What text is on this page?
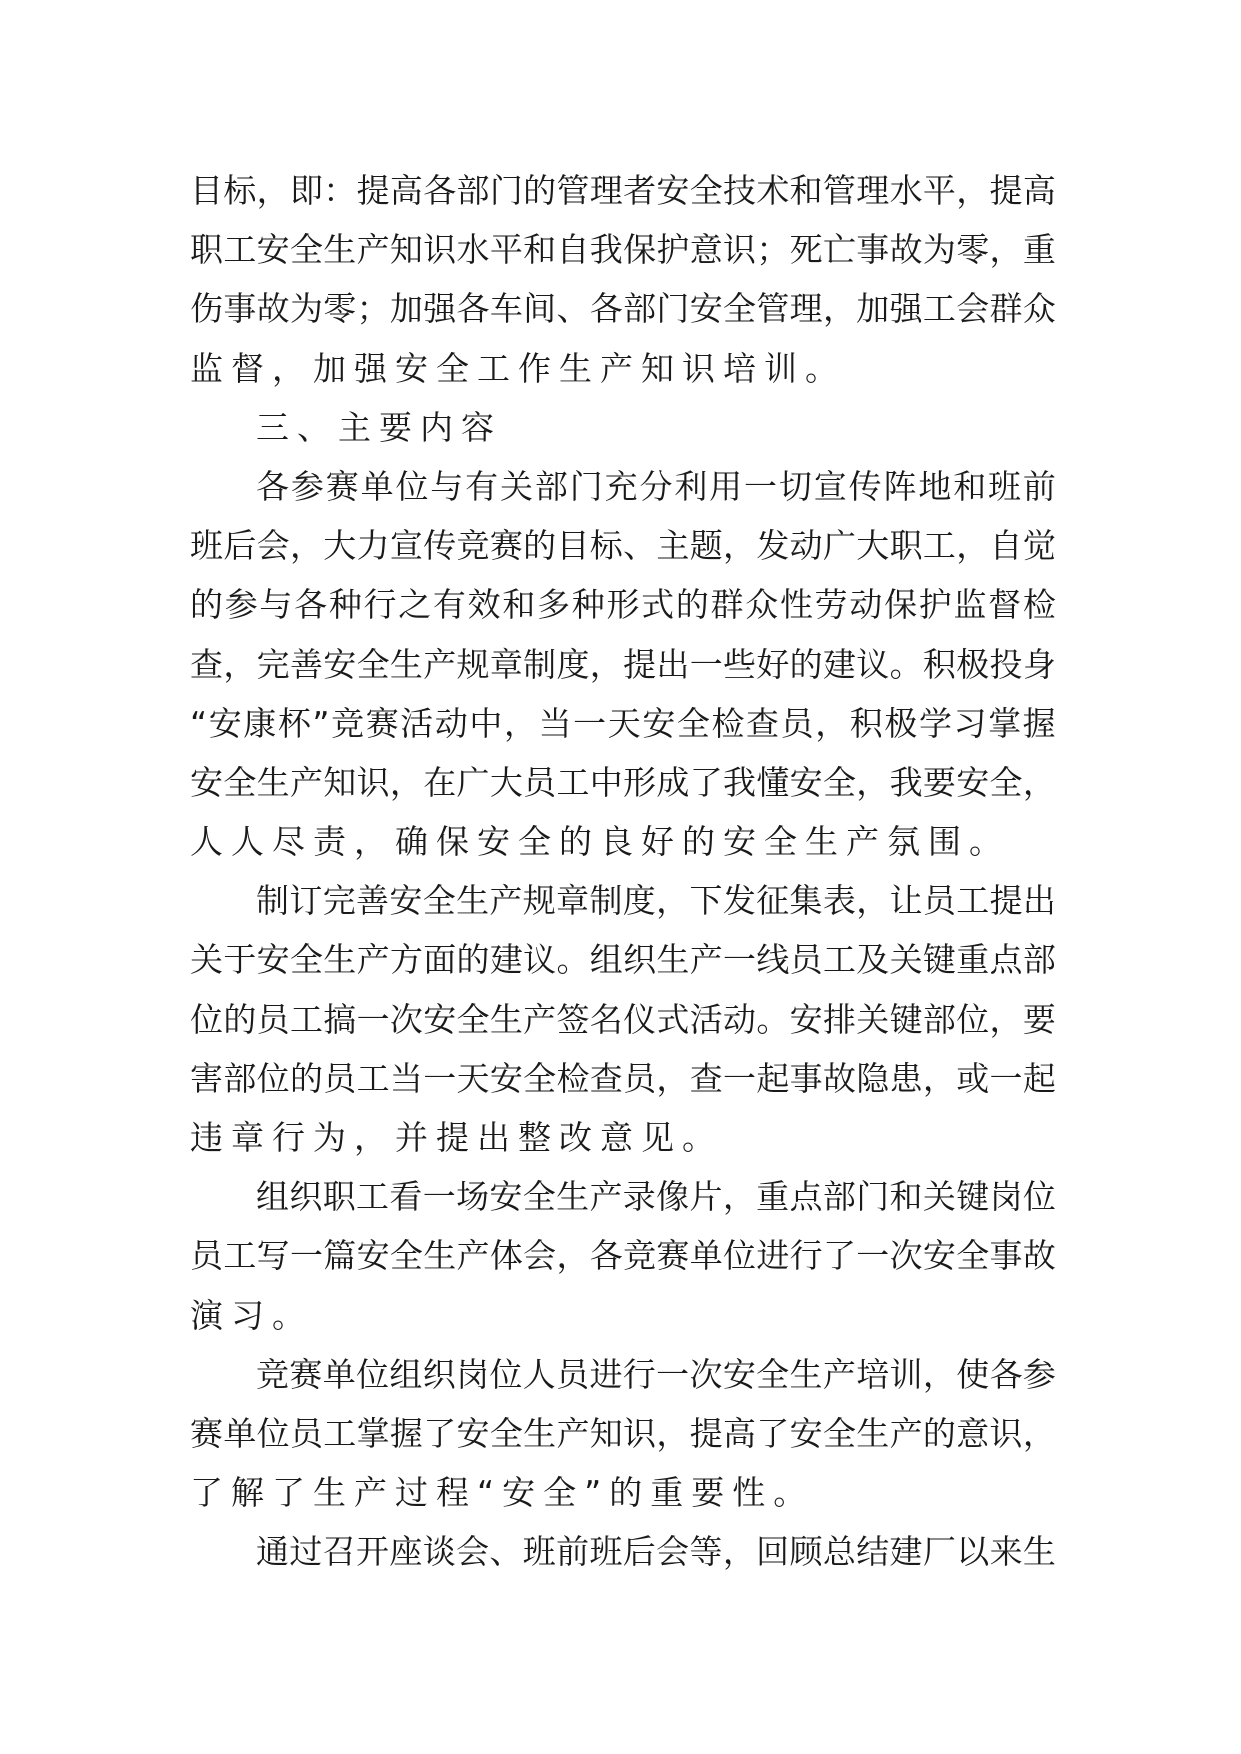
目 标 ， 即 ： 提 高 各 部 门 的 管 理 者 安 全 技 术 和 管 理 水 平 ， 提 高
职 工 安 全 生 产 知 识 水 平 和 自 我 保 护 意 识 ； 死 亡 事 故 为 零 ， 重
伤 事 故 为 零 ； 加 强 各 车 间 、 各 部 门 安 全 管 理 ， 加 强 工 会 群 众
监督，加强安全工作生产知识培训。
三、主要内容
各 参 赛 单 位 与 有 关 部 门 充 分 利 用 一 切 宣 传 阵 地 和 班 前
班 后 会 ， 大 力 宣 传 竞 赛 的 目 标 、 主 题 ， 发 动 广 大 职 工 ， 自 觉
的 参 与 各 种 行 之 有 效 和 多 种 形 式 的 群 众 性 劳 动 保 护 监 督 检
查 ， 完 善 安 全 生 产 规 章 制 度 ， 提 出 一 些 好 的 建 议 。 积 极 投 身
“ 安 康 杯 ” 竞 赛 活 动 中 ， 当 一 天 安 全 检 查 员 ， 积 极 学 习 掌 握
安 全 生 产 知 识 ， 在 广 大 员 工 中 形 成 了 我 懂 安 全 ， 我 要 安 全 ，
人人尽责，确保安全的良好的安全生产氛围。
制 订 完 善 安 全 生 产 规 章 制 度 ， 下 发 征 集 表 ， 让 员 工 提 出
关 于 安 全 生 产 方 面 的 建 议 。 组 织 生 产 一 线 员 工 及 关 键 重 点 部
位 的 员 工 搞 一 次 安 全 生 产 签 名 仪 式 活 动 。 安 排 关 键 部 位 ， 要
害 部 位 的 员 工 当 一 天 安 全 检 查 员 ， 查 一 起 事 故 隐 患 ， 或 一 起
违章行为，并提出整改意见。
组 织 职 工 看 一 场 安 全 生 产 录 像 片 ， 重 点 部 门 和 关 键 岗 位
员 工 写 一 篇 安 全 生 产 体 会 ， 各 竞 赛 单 位 进 行 了 一 次 安 全 事 故
演习。
竞 赛 单 位 组 织 岗 位 人 员 进 行 一 次 安 全 生 产 培 训 ， 使 各 参
赛 单 位 员 工 掌 握 了 安 全 生 产 知 识 ， 提 高 了 安 全 生 产 的 意 识 ，
了解了生产过程“安全”的重要性。
通 过 召 开 座 谈 会 、 班 前 班 后 会 等 ， 回 顾 总 结 建 厂 以 来 生
